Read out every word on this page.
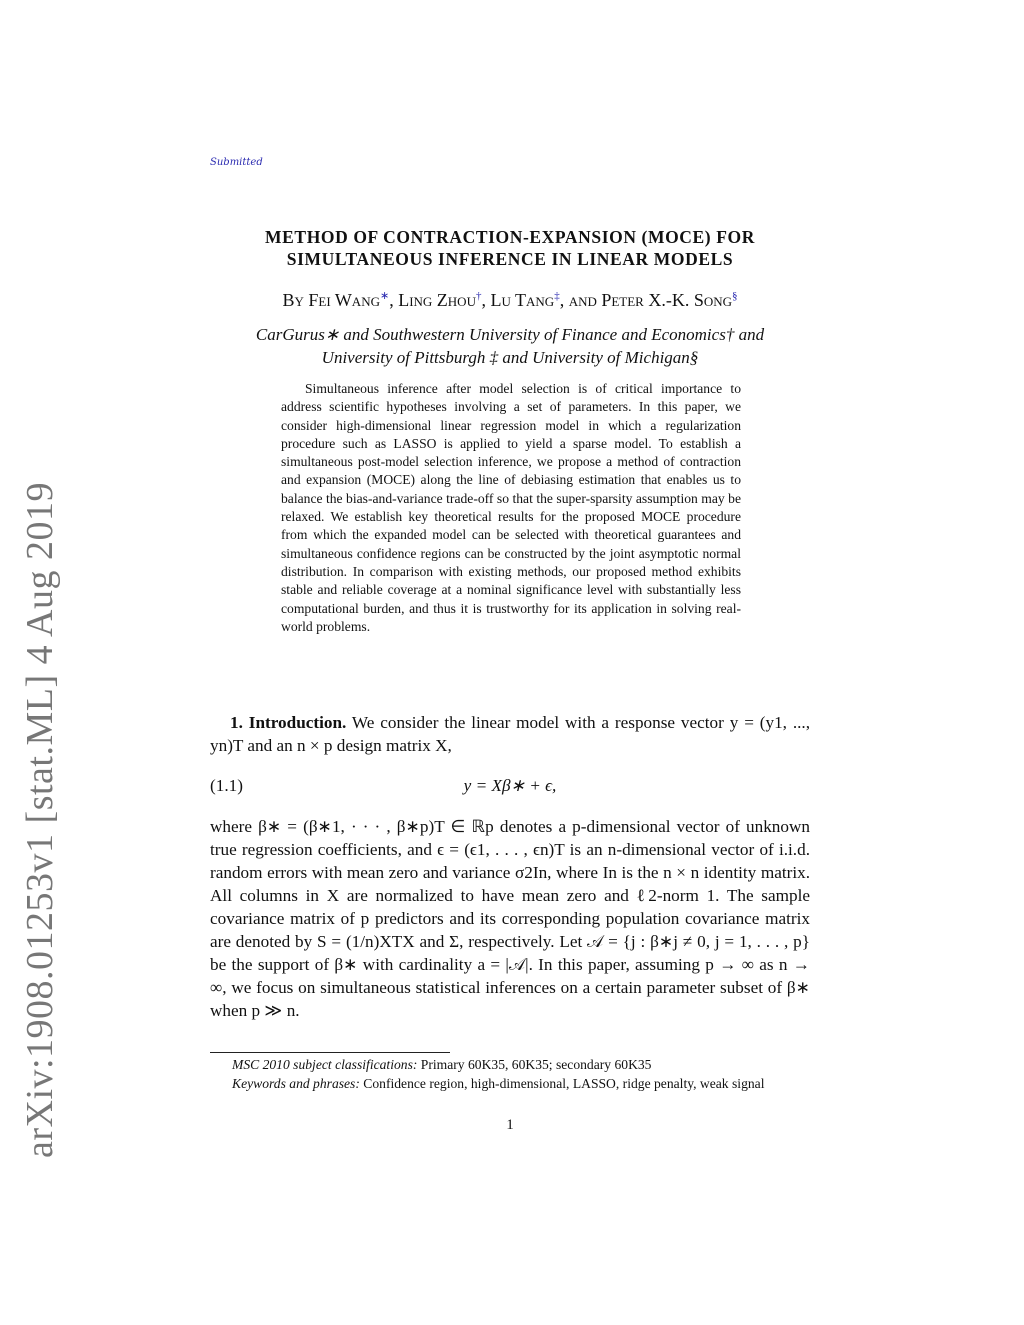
arXiv:1908.01253v1 [stat.ML] 4 Aug 2019
Submitted
METHOD OF CONTRACTION-EXPANSION (MOCE) FOR
SIMULTANEOUS INFERENCE IN LINEAR MODELS
By Fei Wang∗, Ling Zhou†, Lu Tang‡, and Peter X.-K. Song§
CarGurus∗ and Southwestern University of Finance and Economics† and
University of Pittsburgh ‡ and University of Michigan§
Simultaneous inference after model selection is of critical importance to address scientific hypotheses involving a set of parameters. In this paper, we consider high-dimensional linear regression model in which a regularization procedure such as LASSO is applied to yield a sparse model. To establish a simultaneous post-model selection inference, we propose a method of contraction and expansion (MOCE) along the line of debiasing estimation that enables us to balance the bias-and-variance trade-off so that the super-sparsity assumption may be relaxed. We establish key theoretical results for the proposed MOCE procedure from which the expanded model can be selected with theoretical guarantees and simultaneous confidence regions can be constructed by the joint asymptotic normal distribution. In comparison with existing methods, our proposed method exhibits stable and reliable coverage at a nominal significance level with substantially less computational burden, and thus it is trustworthy for its application in solving real-world problems.
1. Introduction. We consider the linear model with a response vector y = (y1, ..., yn)T and an n × p design matrix X,
(1.1)	y = Xβ∗ + ϵ,
where β∗ = (β∗1, · · · , β∗p)T ∈ ℝp denotes a p-dimensional vector of unknown true regression coefficients, and ϵ = (ϵ1, . . . , ϵn)T is an n-dimensional vector of i.i.d. random errors with mean zero and variance σ2In, where In is the n × n identity matrix. All columns in X are normalized to have mean zero and ℓ2-norm 1. The sample covariance matrix of p predictors and its corresponding population covariance matrix are denoted by S = (1/n)XTX and Σ, respectively. Let 𝒜 = {j : β∗j ≠ 0, j = 1, . . . , p} be the support of β∗ with cardinality a = |𝒜|. In this paper, assuming p → ∞ as n → ∞, we focus on simultaneous statistical inferences on a certain parameter subset of β∗ when p ≫ n.
MSC 2010 subject classifications: Primary 60K35, 60K35; secondary 60K35
Keywords and phrases: Confidence region, high-dimensional, LASSO, ridge penalty, weak signal
1
